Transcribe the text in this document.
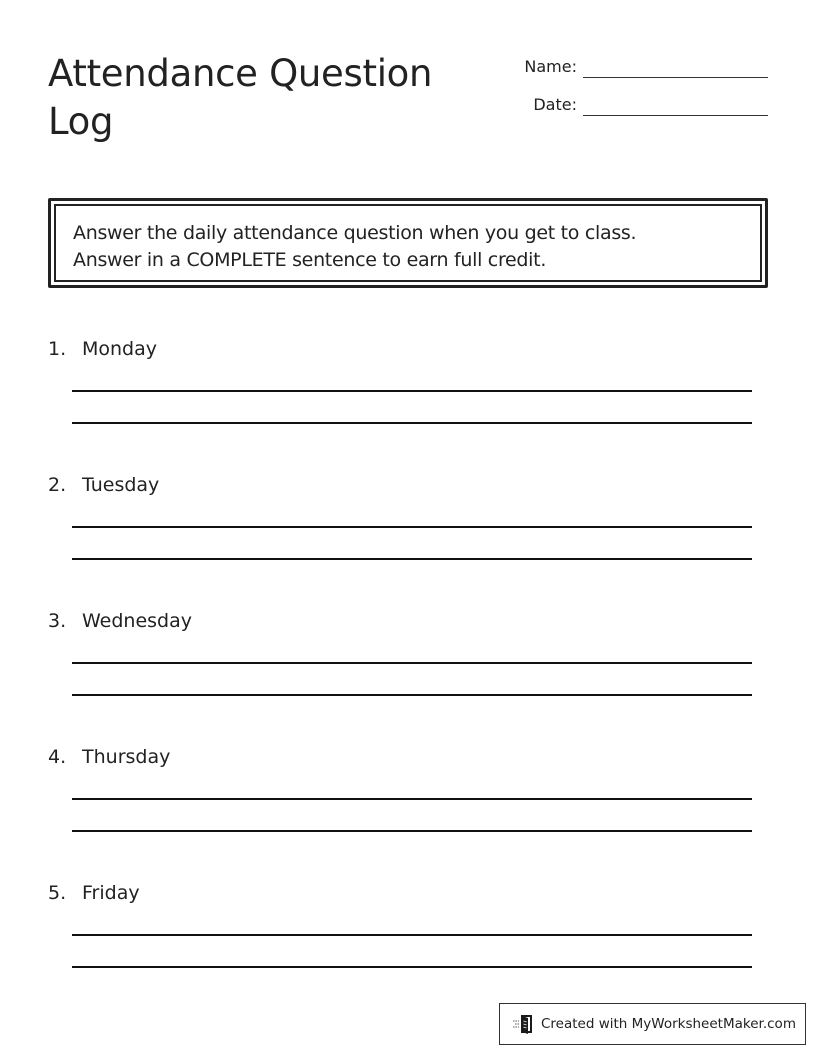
Attendance Question Log
Name:
Date:

Answer the daily attendance question when you get to class.

Answer in a COMPLETE sentence to earn full credit.

1. Monday
2. Tuesday
3. Wednesday
4. Thursday
5. Friday
Created with MyWorksheetMaker.com
